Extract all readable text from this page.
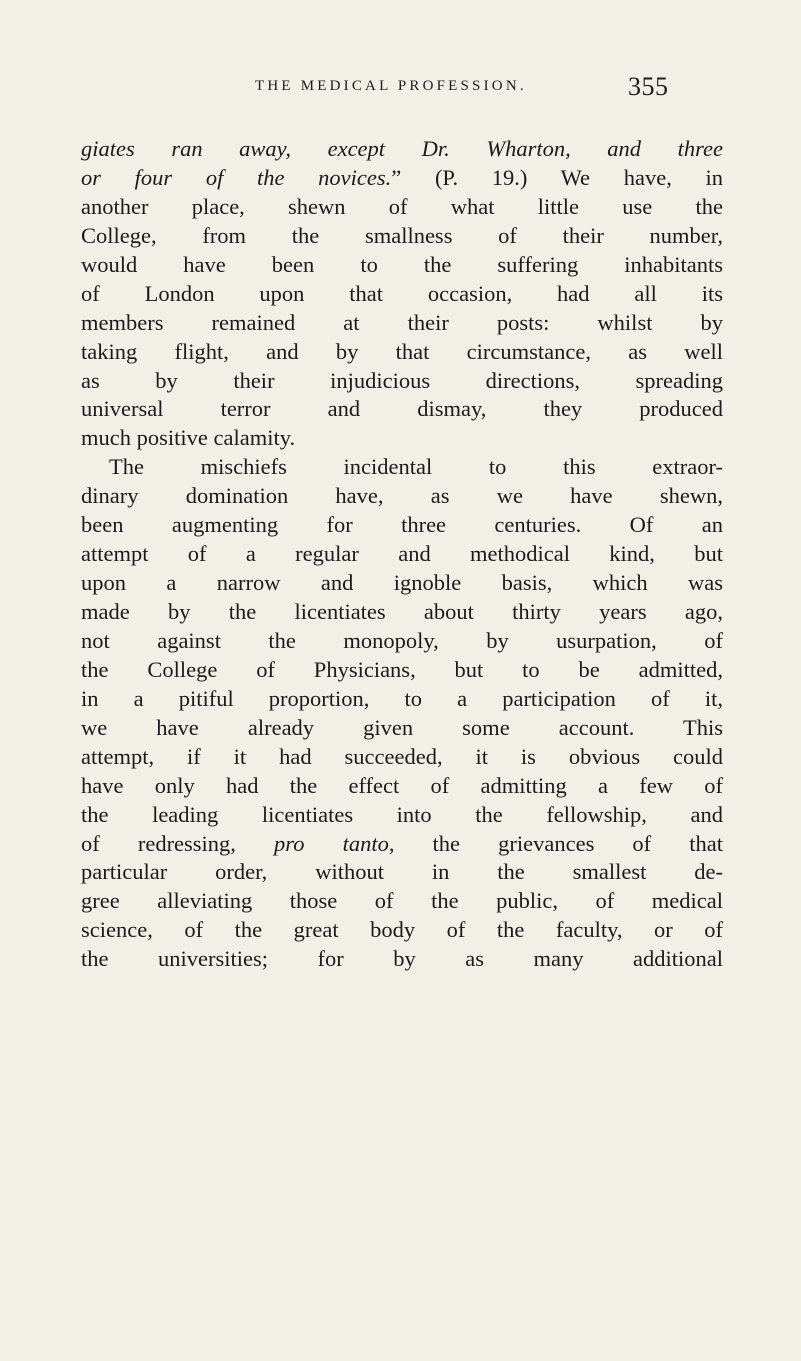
THE MEDICAL PROFESSION.	355
giates ran away, except Dr. Wharton, and three
or four of the novices.” (P. 19.) We have, in
another place, shewn of what little use the
College, from the smallness of their number,
would have been to the suffering inhabitants
of London upon that occasion, had all its
members remained at their posts: whilst by
taking flight, and by that circumstance, as well
as by their injudicious directions, spreading
universal terror and dismay, they produced
much positive calamity.
The mischiefs incidental to this extraor-
dinary domination have, as we have shewn,
been augmenting for three centuries. Of an
attempt of a regular and methodical kind, but
upon a narrow and ignoble basis, which was
made by the licentiates about thirty years ago,
not against the monopoly, by usurpation, of
the College of Physicians, but to be admitted,
in a pitiful proportion, to a participation of it,
we have already given some account. This
attempt, if it had succeeded, it is obvious could
have only had the effect of admitting a few of
the leading licentiates into the fellowship, and
of redressing, pro tanto, the grievances of that
particular order, without in the smallest de-
gree alleviating those of the public, of medical
science, of the great body of the faculty, or of
the universities; for by as many additional
